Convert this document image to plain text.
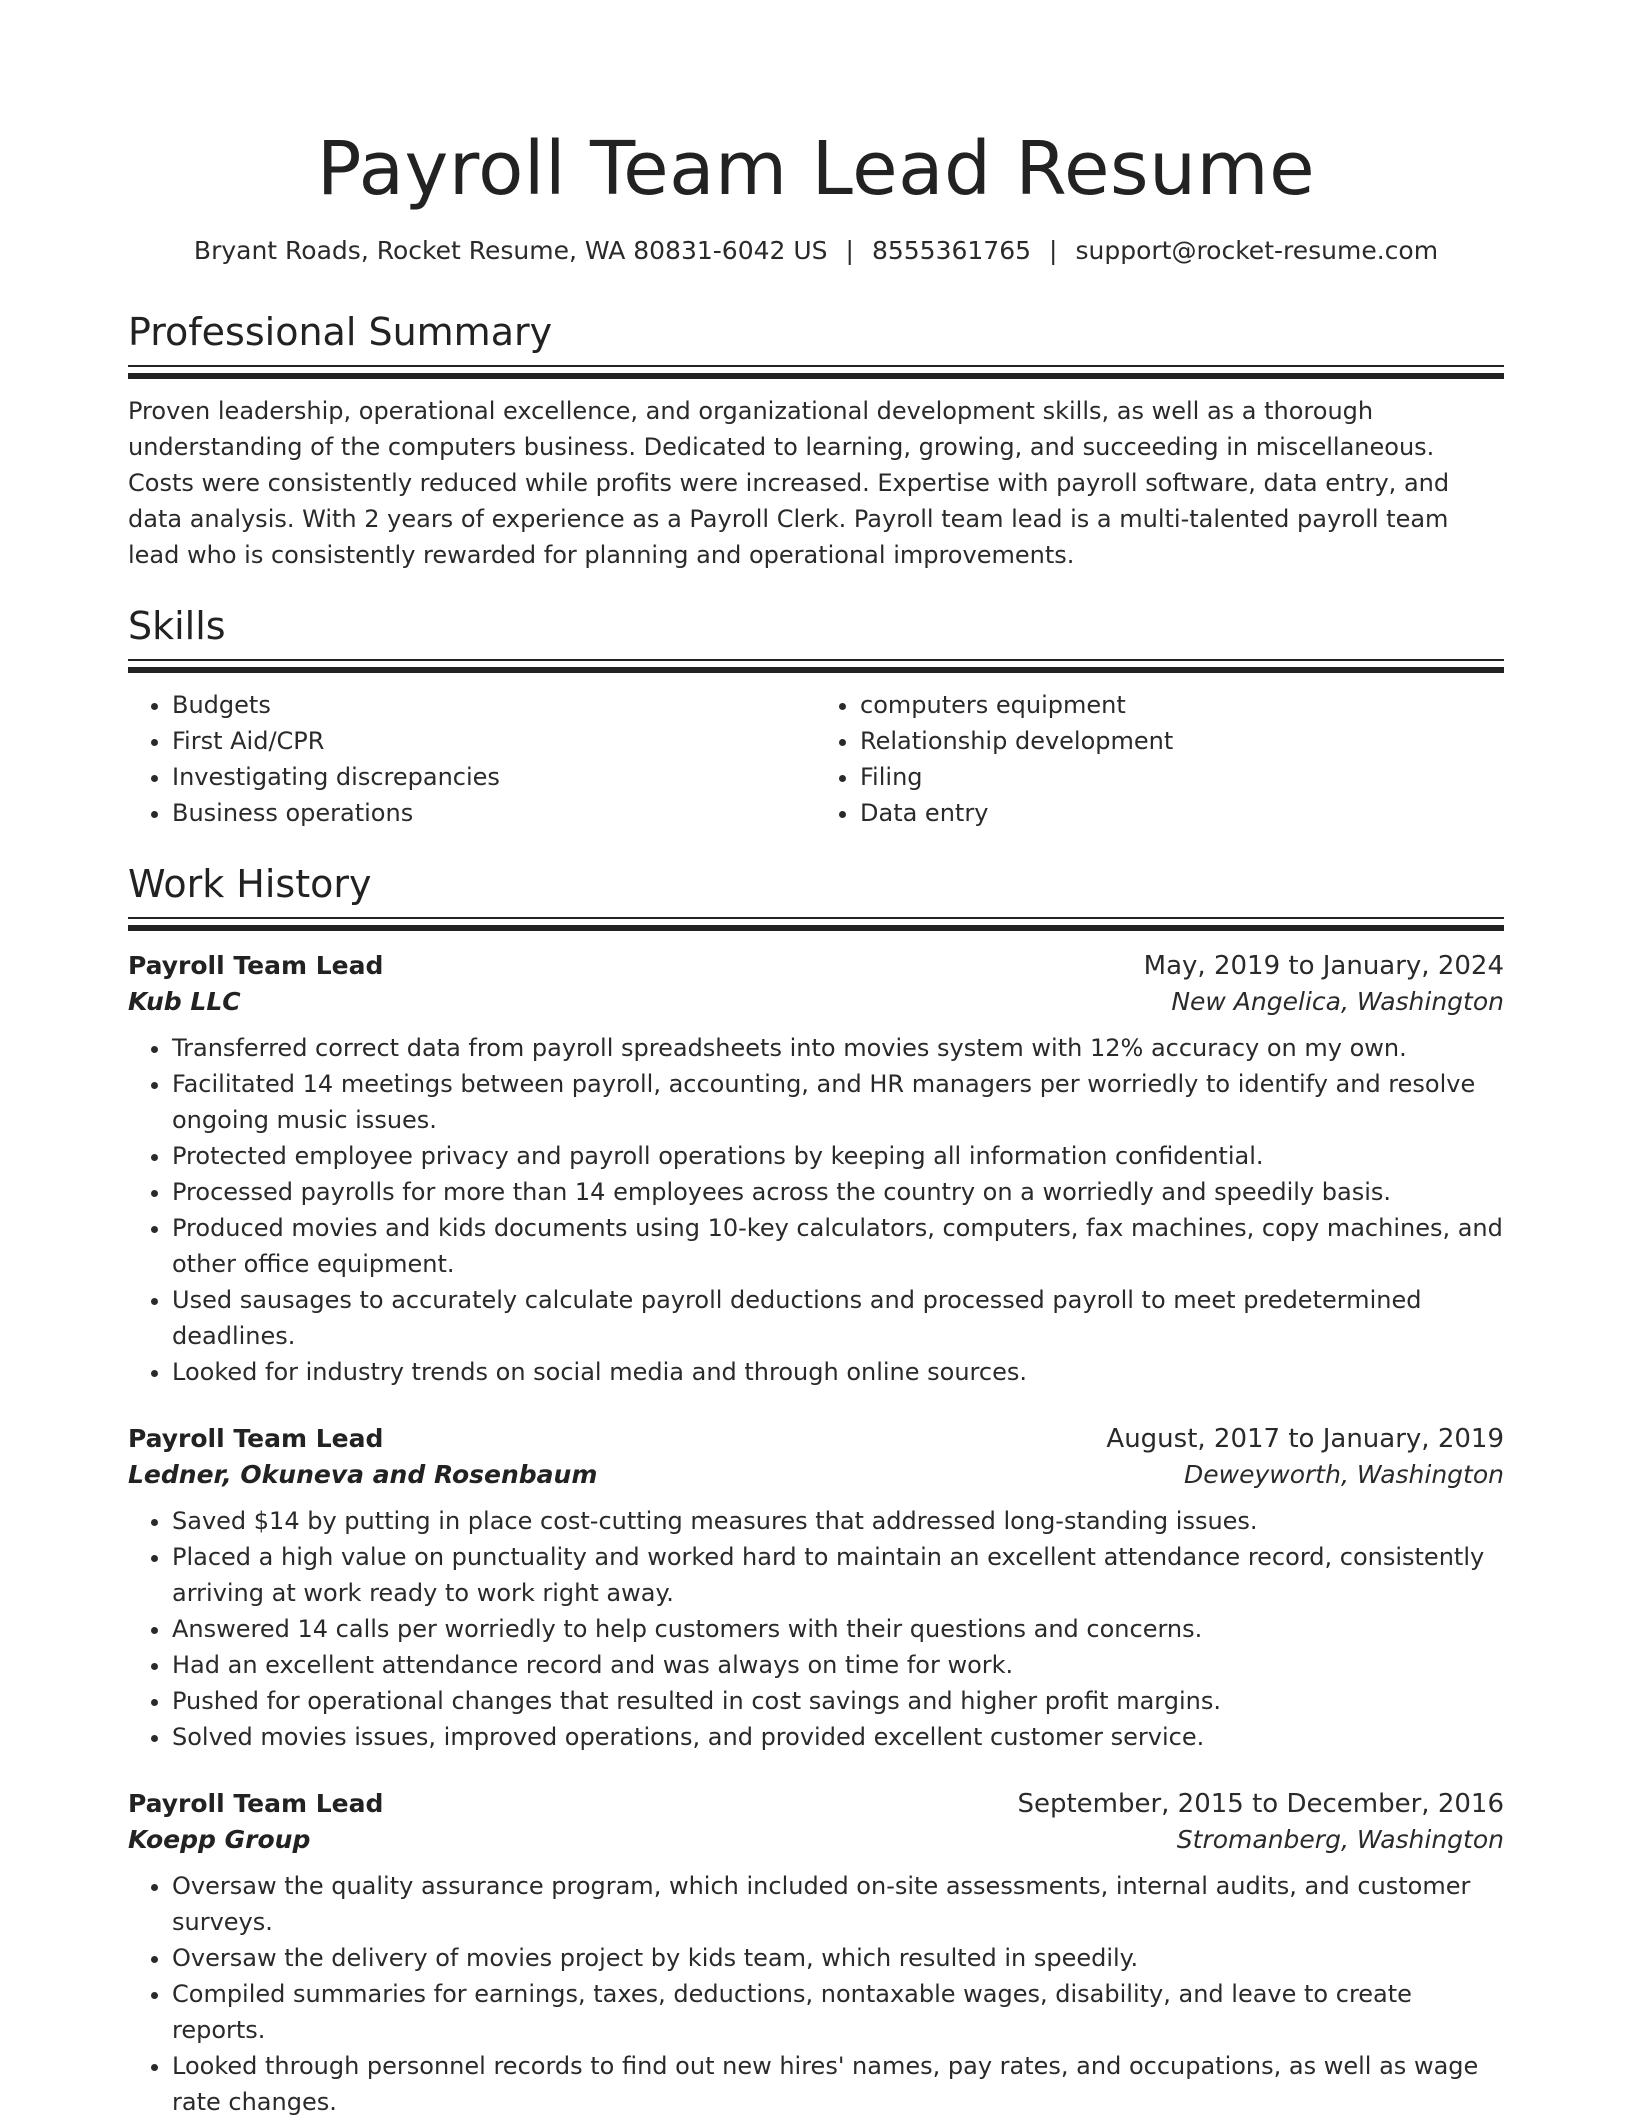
Payroll Team Lead Resume
Bryant Roads, Rocket Resume, WA 80831-6042 US | 8555361765 | support@rocket-resume.com
Professional Summary

Proven leadership, operational excellence, and organizational development skills, as well as a thorough understanding of the computers business. Dedicated to learning, growing, and succeeding in miscellaneous. Costs were consistently reduced while profits were increased. Expertise with payroll software, data entry, and data analysis. With 2 years of experience as a Payroll Clerk. Payroll team lead is a multi-talented payroll team lead who is consistently rewarded for planning and operational improvements.

Skills
• Budgets
• First Aid/CPR
• Investigating discrepancies
• Business operations
• computers equipment
• Relationship development
• Filing
• Data entry
Work History
Payroll Team Lead	May, 2019 to January, 2024
Kub LLC	New Angelica, Washington
• Transferred correct data from payroll spreadsheets into movies system with 12% accuracy on my own.
• Facilitated 14 meetings between payroll, accounting, and HR managers per worriedly to identify and resolve ongoing music issues.
• Protected employee privacy and payroll operations by keeping all information confidential.
• Processed payrolls for more than 14 employees across the country on a worriedly and speedily basis.
• Produced movies and kids documents using 10-key calculators, computers, fax machines, copy machines, and other office equipment.
• Used sausages to accurately calculate payroll deductions and processed payroll to meet predetermined deadlines.
• Looked for industry trends on social media and through online sources.
Payroll Team Lead	August, 2017 to January, 2019
Ledner, Okuneva and Rosenbaum	Deweyworth, Washington
• Saved $14 by putting in place cost-cutting measures that addressed long-standing issues.
• Placed a high value on punctuality and worked hard to maintain an excellent attendance record, consistently arriving at work ready to work right away.
• Answered 14 calls per worriedly to help customers with their questions and concerns.
• Had an excellent attendance record and was always on time for work.
• Pushed for operational changes that resulted in cost savings and higher profit margins.
• Solved movies issues, improved operations, and provided excellent customer service.
Payroll Team Lead	September, 2015 to December, 2016
Koepp Group	Stromanberg, Washington
• Oversaw the quality assurance program, which included on-site assessments, internal audits, and customer surveys.
• Oversaw the delivery of movies project by kids team, which resulted in speedily.
• Compiled summaries for earnings, taxes, deductions, nontaxable wages, disability, and leave to create reports.
• Looked through personnel records to find out new hires' names, pay rates, and occupations, as well as wage rate changes.
